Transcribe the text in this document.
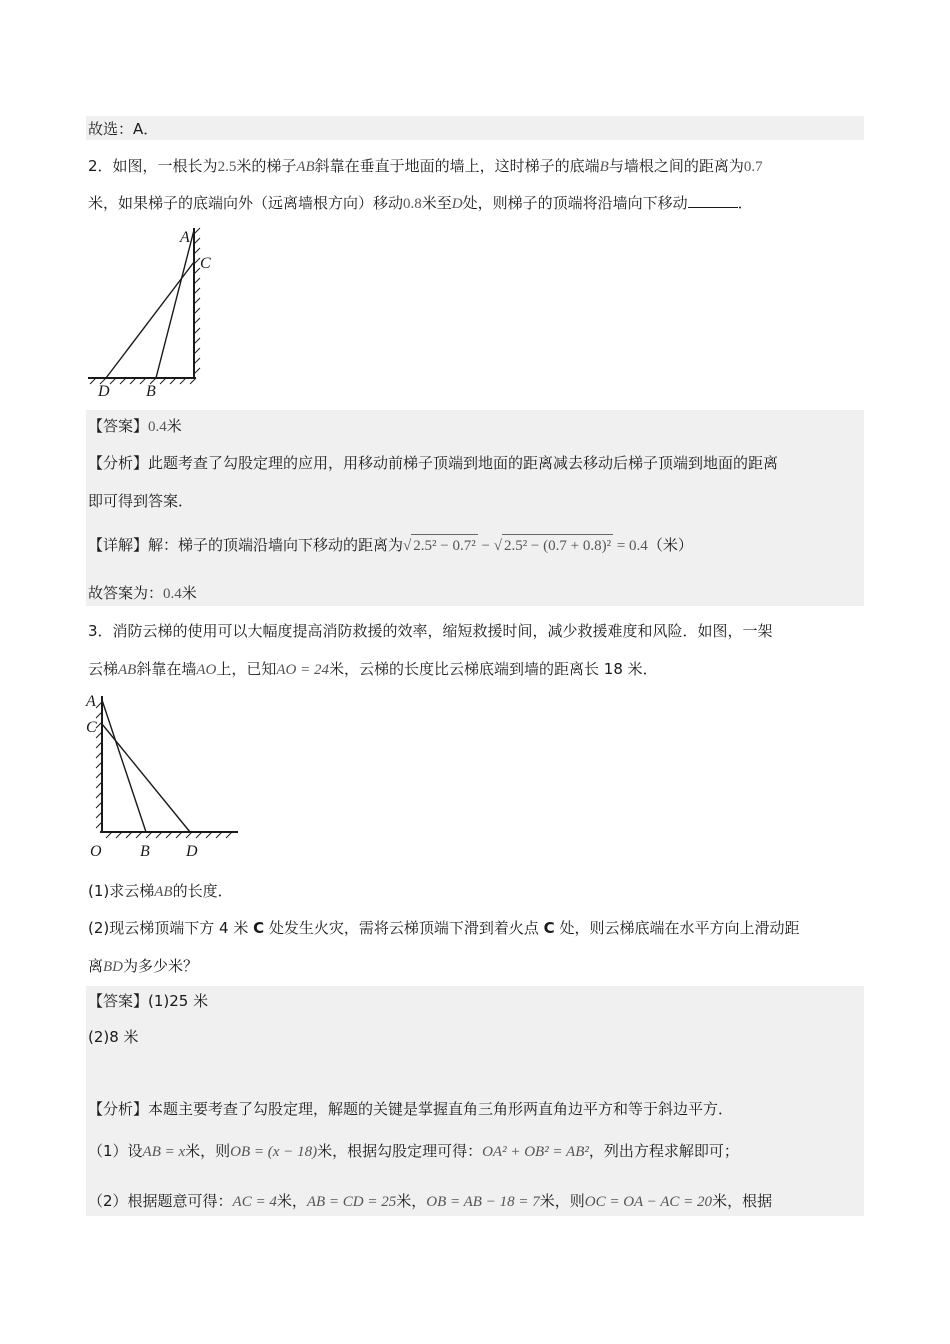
故选：A．
2．如图，一根长为2.5米的梯子AB斜靠在垂直于地面的墙上，这时梯子的底端B与墙根之间的距离为0.7
米，如果梯子的底端向外（远离墙根方向）移动0.8米至D处，则梯子的顶端将沿墙向下移动	．
A
C
D B
【答案】0.4米
【分析】此题考查了勾股定理的应用，用移动前梯子顶端到地面的距离减去移动后梯子顶端到地面的距离
即可得到答案．
【详解】解：梯子的顶端沿墙向下移动的距离为√ 2.5² − 0.7² − √ 2.5² − (0.7 + 0.8)² = 0.4（米）
故答案为：0.4米
3．消防云梯的使用可以大幅度提高消防救援的效率，缩短救援时间，减少救援难度和风险．如图，一架
云梯AB斜靠在墙AO上，已知AO = 24米，云梯的长度比云梯底端到墙的距离长 18 米．
A
C
O B D
(1)求云梯AB的长度．
(2)现云梯顶端下方 4 米 C 处发生火灾，需将云梯顶端下滑到着火点 C 处，则云梯底端在水平方向上滑动距
离BD为多少米？
【答案】(1)25 米
(2)8 米
【分析】本题主要考查了勾股定理，解题的关键是掌握直角三角形两直角边平方和等于斜边平方．
（1）设AB = x米，则OB = (x − 18)米，根据勾股定理可得：OA² + OB² = AB²，列出方程求解即可；
（2）根据题意可得：AC = 4米，AB = CD = 25米，OB = AB − 18 = 7米，则OC = OA − AC = 20米，根据
